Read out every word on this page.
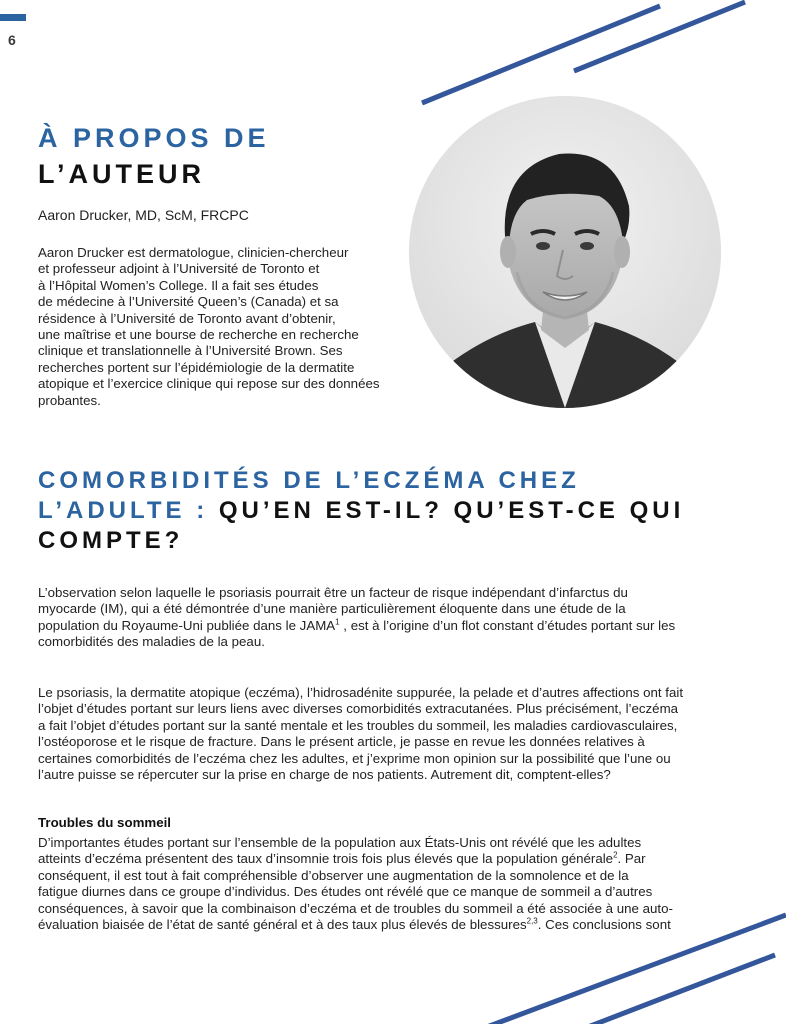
6
À PROPOS DE
L’AUTEUR

Aaron Drucker, MD, ScM, FRCPC

Aaron Drucker est dermatologue, clinicien-chercheur
et professeur adjoint à l’Université de Toronto et
à l’Hôpital Women’s College. Il a fait ses études
de médecine à l’Université Queen’s (Canada) et sa
résidence à l’Université de Toronto avant d’obtenir,
une maîtrise et une bourse de recherche en recherche
clinique et translationnelle à l’Université Brown. Ses
recherches portent sur l’épidémiologie de la dermatite
atopique et l’exercice clinique qui repose sur des données
probantes.

COMORBIDITÉS DE L’ECZÉMA CHEZ
L’ADULTE : QU’EN EST-IL? QU’EST-CE QUI
COMPTE?

L’observation selon laquelle le psoriasis pourrait être un facteur de risque indépendant d’infarctus du
myocarde (IM), qui a été démontrée d’une manière particulièrement éloquente dans une étude de la
population du Royaume-Uni publiée dans le JAMA$^1$ , est à l’origine d’un flot constant d’études portant sur les
comorbidités des maladies de la peau.

Le psoriasis, la dermatite atopique (eczéma), l’hidrosadénite suppurée, la pelade et d’autres affections ont fait
l’objet d’études portant sur leurs liens avec diverses comorbidités extracutanées. Plus précisément, l’eczéma
a fait l’objet d’études portant sur la santé mentale et les troubles du sommeil, les maladies cardiovasculaires,
l’ostéoporose et le risque de fracture. Dans le présent article, je passe en revue les données relatives à
certaines comorbidités de l’eczéma chez les adultes, et j’exprime mon opinion sur la possibilité que l’une ou
l’autre puisse se répercuter sur la prise en charge de nos patients. Autrement dit, comptent-elles?

Troubles du sommeil

D’importantes études portant sur l’ensemble de la population aux États-Unis ont révélé que les adultes
atteints d’eczéma présentent des taux d’insomnie trois fois plus élevés que la population générale$^2$. Par
conséquent, il est tout à fait compréhensible d’observer une augmentation de la somnolence et de la
fatigue diurnes dans ce groupe d’individus. Des études ont révélé que ce manque de sommeil a d’autres
conséquences, à savoir que la combinaison d’eczéma et de troubles du sommeil a été associée à une auto-
évaluation biaisée de l’état de santé général et à des taux plus élevés de blessures$^{2,3}$. Ces conclusions sont
